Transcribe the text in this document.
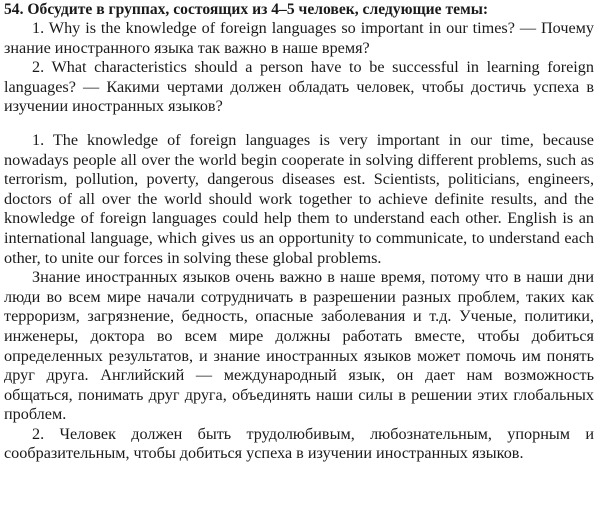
54. Обсудите в группах, состоящих из 4–5 человек, следующие темы:

1. Why is the knowledge of foreign languages so important in our times? — Почему знание иностранного языка так важно в наше время?

2. What characteristics should a person have to be successful in learning foreign languages? — Какими чертами должен обладать человек, чтобы достичь успеха в изучении иностранных языков?

1. The knowledge of foreign languages is very important in our time, because nowadays people all over the world begin cooperate in solving different problems, such as terrorism, pollution, poverty, dangerous diseases est. Scientists, politicians, engineers, doctors of all over the world should work together to achieve definite results, and the knowledge of foreign languages could help them to understand each other. English is an international language, which gives us an opportunity to communicate, to understand each other, to unite our forces in solving these global problems.

Знание иностранных языков очень важно в наше время, потому что в наши дни люди во всем мире начали сотрудничать в разрешении разных проблем, таких как терроризм, загрязнение, бедность, опасные заболевания и т.д. Ученые, политики, инженеры, доктора во всем мире должны работать вместе, чтобы добиться определенных результатов, и знание иностранных языков может помочь им понять друг друга. Английский — международный язык, он дает нам возможность общаться, понимать друг друга, объединять наши силы в решении этих глобальных проблем.

2. Человек должен быть трудолюбивым, любознательным, упорным и сообразительным, чтобы добиться успеха в изучении иностранных языков.
